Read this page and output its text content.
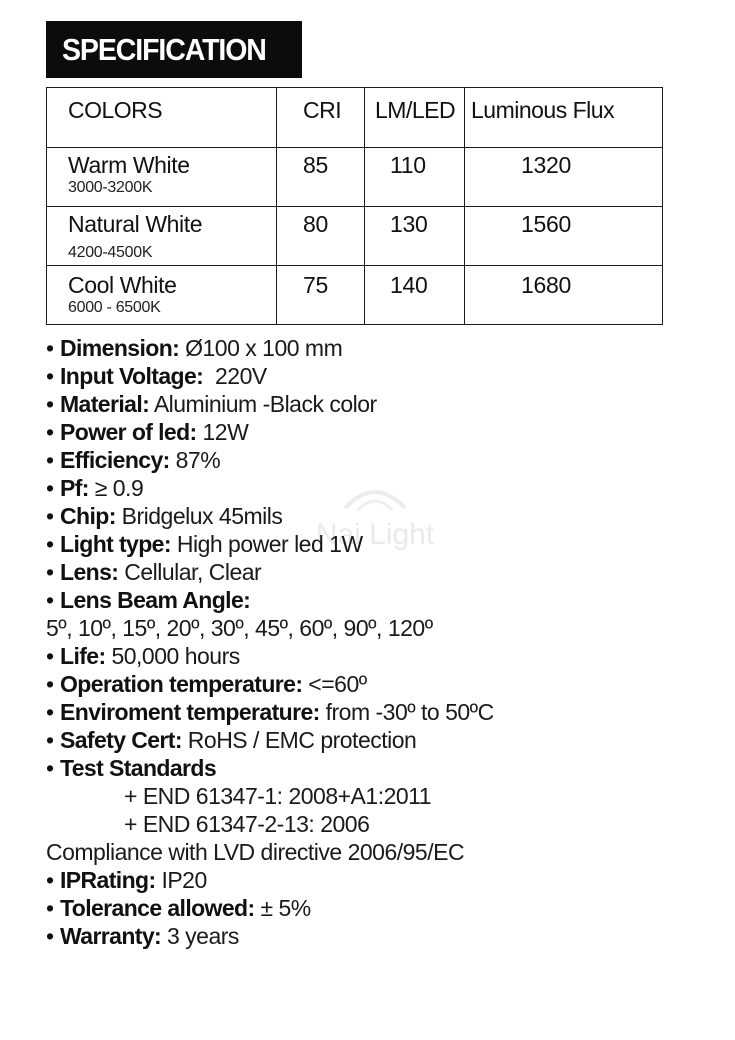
SPECIFICATION
COLORS	CRI	LM/LED	Luminous Flux

Warm White
3000-3200K	85	110	1320

Natural White
4200-4500K	80	130	1560

Cool White
6000 - 6500K	75	140	1680
Nai Light
• Dimension: Ø100 x 100 mm
• Input Voltage: 220V
• Material: Aluminium -Black color
• Power of led: 12W
• Efficiency: 87%
• Pf: ≥ 0.9
• Chip: Bridgelux 45mils
• Light type: High power led 1W
• Lens: Cellular, Clear
• Lens Beam Angle:
5º, 10º, 15º, 20º, 30º, 45º, 60º, 90º, 120º
• Life: 50,000 hours
• Operation temperature: <=60º
• Enviroment temperature: from -30º to 50ºC
• Safety Cert: RoHS / EMC protection
• Test Standards
+ END 61347-1: 2008+A1:2011
+ END 61347-2-13: 2006
Compliance with LVD directive 2006/95/EC
• IPRating: IP20
• Tolerance allowed: ± 5%
• Warranty: 3 years
